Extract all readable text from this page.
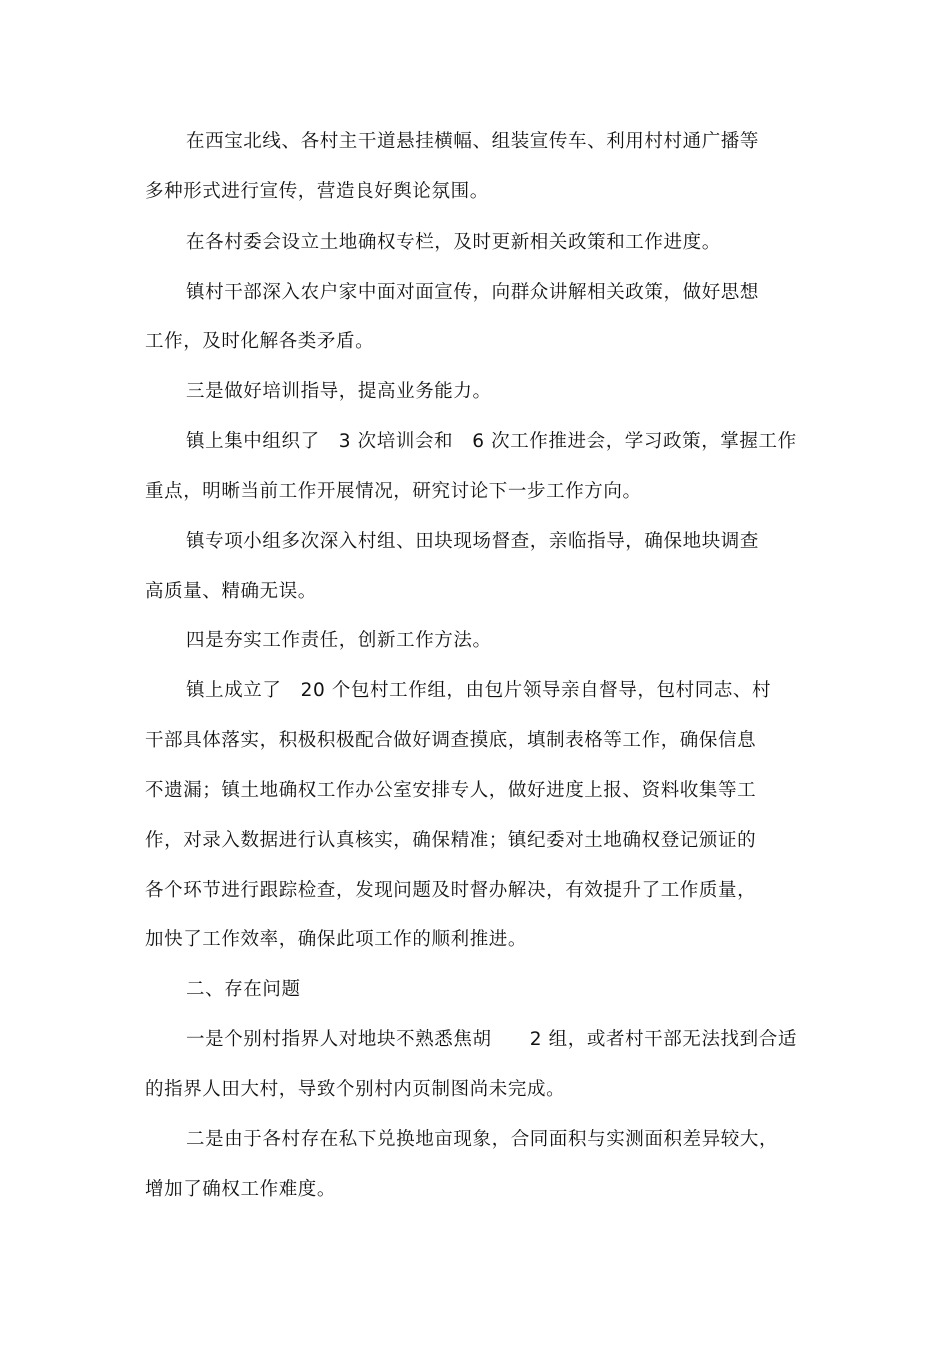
在西宝北线、各村主干道悬挂横幅、组装宣传车、利用村村通广播等

多种形式进行宣传，营造良好舆论氛围。

在各村委会设立土地确权专栏，及时更新相关政策和工作进度。

镇村干部深入农户家中面对面宣传，向群众讲解相关政策，做好思想

工作，及时化解各类矛盾。

三是做好培训指导，提高业务能力。

镇上集中组织了　3 次培训会和　6 次工作推进会，学习政策，掌握工作

重点，明晰当前工作开展情况，研究讨论下一步工作方向。

镇专项小组多次深入村组、田块现场督查，亲临指导，确保地块调查

高质量、精确无误。

四是夯实工作责任，创新工作方法。

镇上成立了　20 个包村工作组，由包片领导亲自督导，包村同志、村

干部具体落实，积极积极配合做好调查摸底，填制表格等工作，确保信息

不遗漏；镇土地确权工作办公室安排专人，做好进度上报、资料收集等工

作，对录入数据进行认真核实，确保精准；镇纪委对土地确权登记颁证的

各个环节进行跟踪检查，发现问题及时督办解决，有效提升了工作质量，

加快了工作效率，确保此项工作的顺利推进。

二、存在问题

一是个别村指界人对地块不熟悉焦胡　　2 组，或者村干部无法找到合适

的指界人田大村，导致个别村内页制图尚未完成。

二是由于各村存在私下兑换地亩现象，合同面积与实测面积差异较大，

增加了确权工作难度。
